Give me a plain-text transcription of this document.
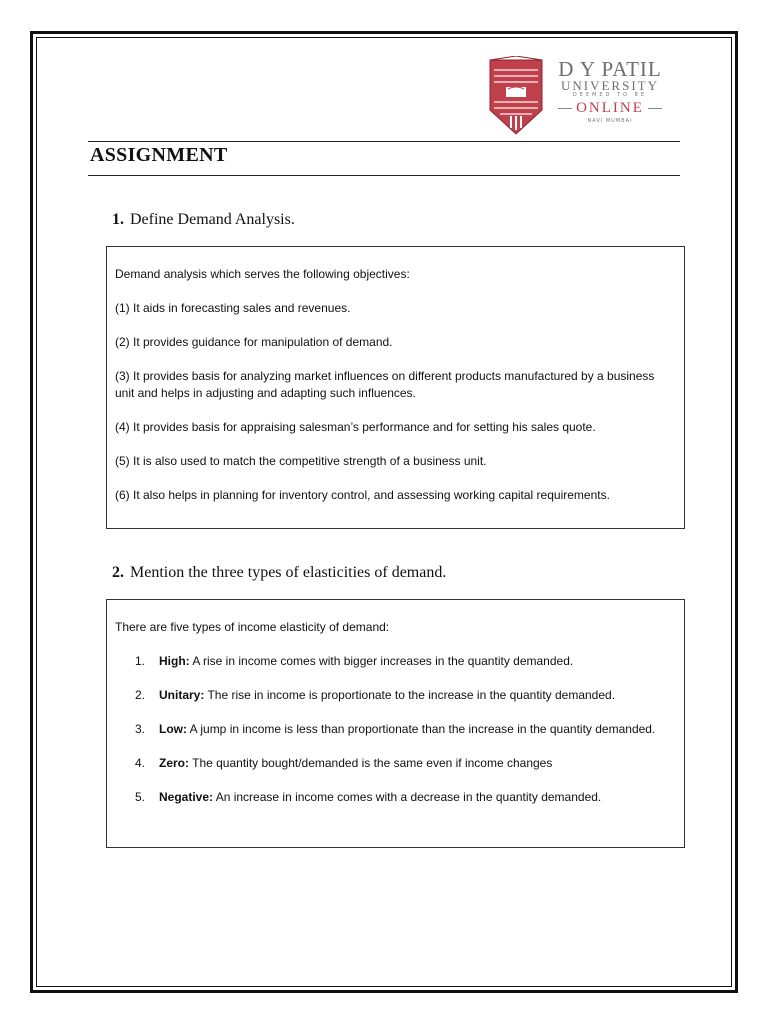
D Y PATIL
UNIVERSITY
DEEMED TO BE
ONLINE
NAVI MUMBAI
ASSIGNMENT
1. Define Demand Analysis.

Demand analysis which serves the following objectives:

(1) It aids in forecasting sales and revenues.

(2) It provides guidance for manipulation of demand.

(3) It provides basis for analyzing market influences on different products manufactured by a business unit and helps in adjusting and adapting such influences.

(4) It provides basis for appraising salesman’s performance and for setting his sales quote.

(5) It is also used to match the competitive strength of a business unit.

(6) It also helps in planning for inventory control, and assessing working capital requirements.

2. Mention the three types of elasticities of demand.

There are five types of income elasticity of demand:

1. High: A rise in income comes with bigger increases in the quantity demanded.
2. Unitary: The rise in income is proportionate to the increase in the quantity demanded.
3. Low: A jump in income is less than proportionate than the increase in the quantity demanded.
4. Zero: The quantity bought/demanded is the same even if income changes
5. Negative: An increase in income comes with a decrease in the quantity demanded.
